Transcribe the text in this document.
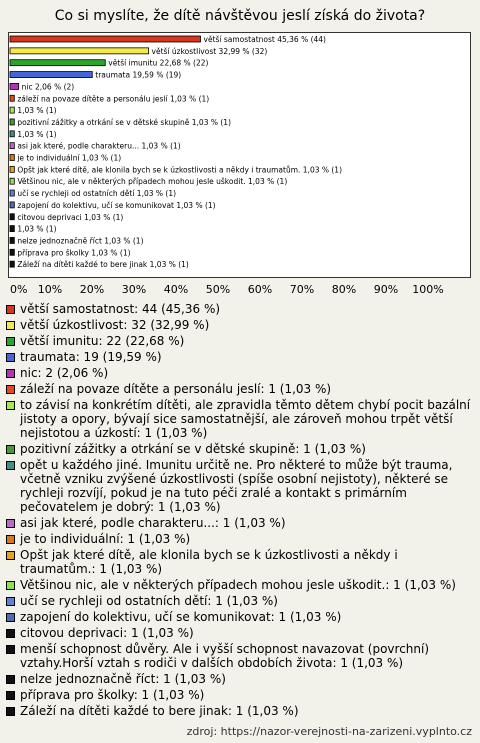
Co si myslíte, že dítě návštěvou jeslí získá do života?
větší samostatnost 45,36 % (44)
větší úzkostlivost 32,99 % (32)
větší imunitu 22,68 % (22)
traumata 19,59 % (19)
nic 2,06 % (2)
záleží na povaze dítěte a personálu jeslí 1,03 % (1)
1,03 % (1)
pozitivní zážitky a otrkání se v dětské skupině 1,03 % (1)
1,03 % (1)
asi jak které, podle charakteru... 1,03 % (1)
je to individuální 1,03 % (1)
Opšt jak které dítě, ale klonila bych se k úzkostlivosti a někdy i traumatům. 1,03 % (1)
Většinou nic, ale v některých případech mohou jesle uškodit. 1,03 % (1)
učí se rychleji od ostatních dětí 1,03 % (1)
zapojení do kolektivu, učí se komunikovat 1,03 % (1)
citovou deprivaci 1,03 % (1)
1,03 % (1)
nelze jednoznačně říct 1,03 % (1)
příprava pro školky 1,03 % (1)
Záleží na dítěti každé to bere jinak 1,03 % (1)
0% 10% 20% 30% 40% 50% 60% 70% 80% 90% 100%
větší samostatnost: 44 (45,36 %)
větší úzkostlivost: 32 (32,99 %)
větší imunitu: 22 (22,68 %)
traumata: 19 (19,59 %)
nic: 2 (2,06 %)
záleží na povaze dítěte a personálu jeslí: 1 (1,03 %)
to závisí na konkrétím dítěti, ale zpravidla těmto dětem chybí pocit bazální jistoty a opory, bývají sice samostatnější, ale zároveň mohou trpět větší nejistotou a úzkostí: 1 (1,03 %)
pozitivní zážitky a otrkání se v dětské skupině: 1 (1,03 %)
opět u každého jiné. Imunitu určitě ne. Pro některé to může být trauma, včetně vzniku zvýšené úzkostlivosti (spíše osobní nejistoty), některé se rychleji rozvíjí, pokud je na tuto péči zralé a kontakt s primárním pečovatelem je dobrý: 1 (1,03 %)
asi jak které, podle charakteru...: 1 (1,03 %)
je to individuální: 1 (1,03 %)
Opšt jak které dítě, ale klonila bych se k úzkostlivosti a někdy i traumatům.: 1 (1,03 %)
Většinou nic, ale v některých případech mohou jesle uškodit.: 1 (1,03 %)
učí se rychleji od ostatních dětí: 1 (1,03 %)
zapojení do kolektivu, učí se komunikovat: 1 (1,03 %)
citovou deprivaci: 1 (1,03 %)
menší schopnost důvěry. Ale i vyšší schopnost navazovat (povrchní) vztahy.Horší vztah s rodiči v dalších obdobích života: 1 (1,03 %)
nelze jednoznačně říct: 1 (1,03 %)
příprava pro školky: 1 (1,03 %)
Záleží na dítěti každé to bere jinak: 1 (1,03 %)
zdroj: https://nazor-verejnosti-na-zarizeni.vyplnto.cz
